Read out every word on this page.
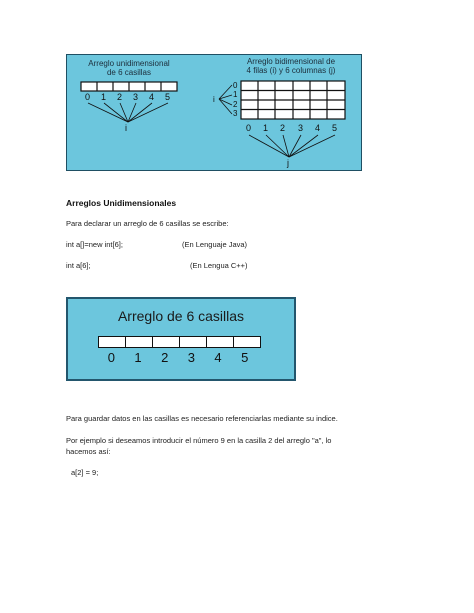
0 1 2 3 4 5
i
0
1
2
3
i
0 1 2 3 4 5
j
Arreglo unidimensional
de 6 casillas
Arreglo bidimensional de
4 filas (i) y 6 columnas (j)
Arreglos Unidimensionales
Para declarar un arreglo de 6 casillas se escribe:
int a[]=new int[6];	(En Lenguaje Java)
int a[6];	(En Lengua C++)
Arreglo de 6 casillas
0	1	2	3	4	5
Para guardar datos en las casillas es necesario referenciarlas mediante su indice.
Por ejemplo si deseamos introducir el número 9 en la casilla 2 del arreglo "a", lo
hacemos así:
a[2] = 9;
